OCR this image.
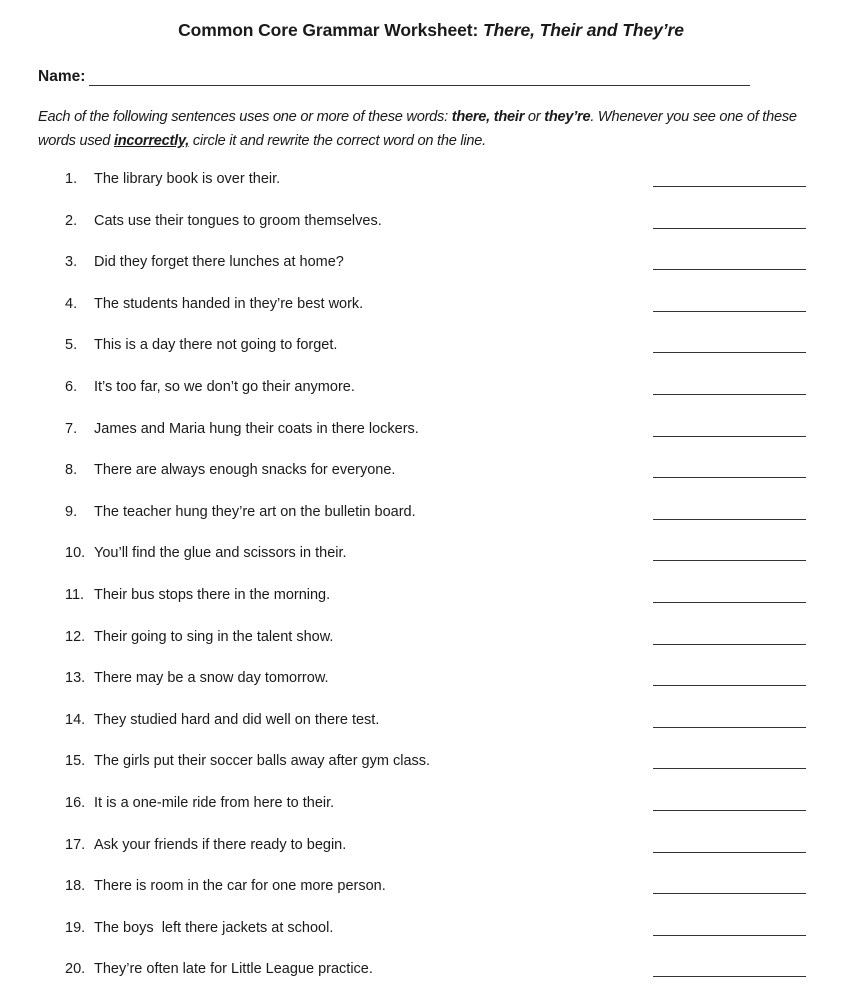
Common Core Grammar Worksheet: There, Their and They’re
Name:
Each of the following sentences uses one or more of these words: there, their or they’re. Whenever you see one of these words used incorrectly, circle it and rewrite the correct word on the line.
1. The library book is over their.
2. Cats use their tongues to groom themselves.
3. Did they forget there lunches at home?
4. The students handed in they’re best work.
5. This is a day there not going to forget.
6. It’s too far, so we don’t go their anymore.
7. James and Maria hung their coats in there lockers.
8. There are always enough snacks for everyone.
9. The teacher hung they’re art on the bulletin board.
10. You’ll find the glue and scissors in their.
11. Their bus stops there in the morning.
12. Their going to sing in the talent show.
13. There may be a snow day tomorrow.
14. They studied hard and did well on there test.
15. The girls put their soccer balls away after gym class.
16. It is a one-mile ride from here to their.
17. Ask your friends if there ready to begin.
18. There is room in the car for one more person.
19. The boys  left there jackets at school.
20. They’re often late for Little League practice.
